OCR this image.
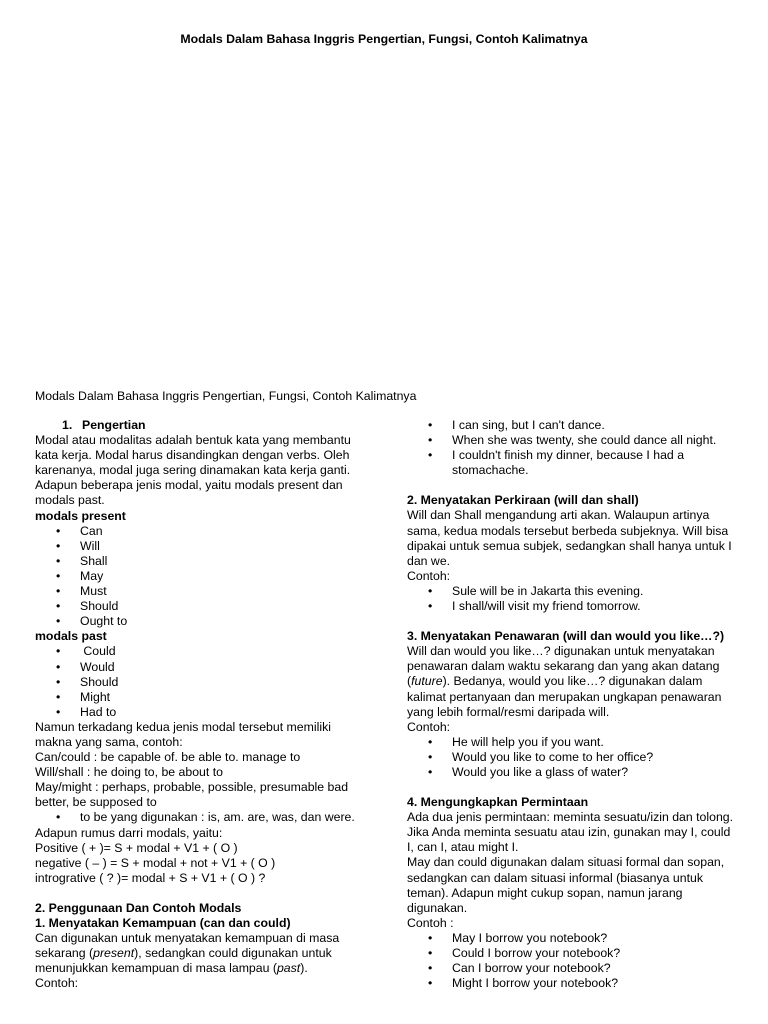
Modals Dalam Bahasa Inggris Pengertian, Fungsi, Contoh Kalimatnya
Modals Dalam Bahasa Inggris Pengertian, Fungsi, Contoh Kalimatnya

1. Pengertian

Modal atau modalitas adalah bentuk kata yang membantu kata kerja. Modal harus disandingkan dengan verbs. Oleh karenanya, modal juga sering dinamakan kata kerja ganti. Adapun beberapa jenis modal, yaitu modals present dan modals past.

modals present

• Can
• Will
• Shall
• May
• Must
• Should
• Ought to

modals past

•  Could
• Would
• Should
• Might
• Had to

Namun terkadang kedua jenis modal tersebut memiliki makna yang sama, contoh:

Can/could : be capable of. be able to. manage to

Will/shall : he doing to, be about to

May/might : perhaps, probable, possible, presumable bad better, be supposed to

• to be yang digunakan : is, am. are, was, dan were.

Adapun rumus darri modals, yaitu:

Positive ( + )= S + modal + V1 + ( O )

negative ( – ) = S + modal + not + V1 + ( O )

introgrative ( ? )= modal + S + V1 + ( O ) ?

2. Penggunaan Dan Contoh Modals

1. Menyatakan Kemampuan (can dan could)

Can digunakan untuk menyatakan kemampuan di masa sekarang (present), sedangkan could digunakan untuk menunjukkan kemampuan di masa lampau (past).

Contoh:

• I can sing, but I can't dance.
• When she was twenty, she could dance all night.
• I couldn't finish my dinner, because I had a stomachache.

2. Menyatakan Perkiraan (will dan shall)

Will dan Shall mengandung arti akan. Walaupun artinya sama, kedua modals tersebut berbeda subjeknya. Will bisa dipakai untuk semua subjek, sedangkan shall hanya untuk I dan we.

Contoh:

• Sule will be in Jakarta this evening.
• I shall/will visit my friend tomorrow.

3. Menyatakan Penawaran (will dan would you like…?)

Will dan would you like…? digunakan untuk menyatakan penawaran dalam waktu sekarang dan yang akan datang (future). Bedanya, would you like…? digunakan dalam kalimat pertanyaan dan merupakan ungkapan penawaran yang lebih formal/resmi daripada will.

Contoh:

• He will help you if you want.
• Would you like to come to her office?
• Would you like a glass of water?

4. Mengungkapkan Permintaan

Ada dua jenis permintaan: meminta sesuatu/izin dan tolong. Jika Anda meminta sesuatu atau izin, gunakan may I, could I, can I, atau might I.

May dan could digunakan dalam situasi formal dan sopan, sedangkan can dalam situasi informal (biasanya untuk teman). Adapun might cukup sopan, namun jarang digunakan.

Contoh :

• May I borrow you notebook?
• Could I borrow your notebook?
• Can I borrow your notebook?
• Might I borrow your notebook?
